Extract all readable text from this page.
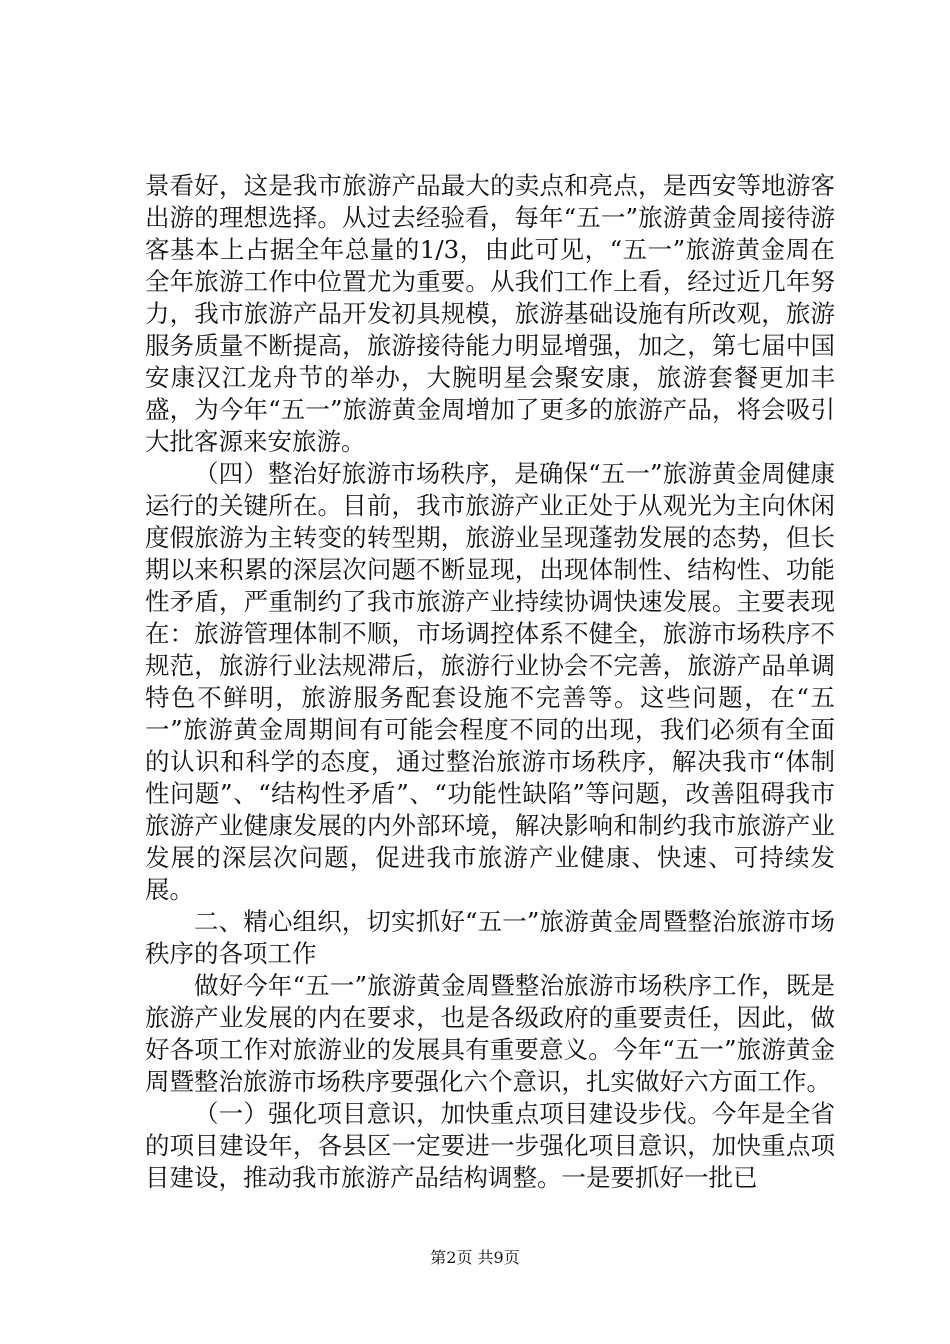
景看好，这是我市旅游产品最大的卖点和亮点，是西安等地游客出游的理想选择。从过去经验看，每年“五一”旅游黄金周接待游客基本上占据全年总量的1/3，由此可见，“五一”旅游黄金周在全年旅游工作中位置尤为重要。从我们工作上看，经过近几年努力，我市旅游产品开发初具规模，旅游基础设施有所改观，旅游服务质量不断提高，旅游接待能力明显增强，加之，第七届中国安康汉江龙舟节的举办，大腕明星会聚安康，旅游套餐更加丰盛，为今年“五一”旅游黄金周增加了更多的旅游产品，将会吸引大批客源来安旅游。

（四）整治好旅游市场秩序，是确保“五一”旅游黄金周健康运行的关键所在。目前，我市旅游产业正处于从观光为主向休闲度假旅游为主转变的转型期，旅游业呈现蓬勃发展的态势，但长期以来积累的深层次问题不断显现，出现体制性、结构性、功能性矛盾，严重制约了我市旅游产业持续协调快速发展。主要表现在：旅游管理体制不顺，市场调控体系不健全，旅游市场秩序不规范，旅游行业法规滞后，旅游行业协会不完善，旅游产品单调特色不鲜明，旅游服务配套设施不完善等。这些问题，在“五一”旅游黄金周期间有可能会程度不同的出现，我们必须有全面的认识和科学的态度，通过整治旅游市场秩序，解决我市“体制性问题”、“结构性矛盾”、“功能性缺陷”等问题，改善阻碍我市旅游产业健康发展的内外部环境，解决影响和制约我市旅游产业发展的深层次问题，促进我市旅游产业健康、快速、可持续发展。

二、精心组织，切实抓好“五一”旅游黄金周暨整治旅游市场秩序的各项工作

做好今年“五一”旅游黄金周暨整治旅游市场秩序工作，既是旅游产业发展的内在要求，也是各级政府的重要责任，因此，做好各项工作对旅游业的发展具有重要意义。今年“五一”旅游黄金周暨整治旅游市场秩序要强化六个意识，扎实做好六方面工作。

（一）强化项目意识，加快重点项目建设步伐。今年是全省的项目建设年，各县区一定要进一步强化项目意识，加快重点项目建设，推动我市旅游产品结构调整。一是要抓好一批已

第2页 共9页
